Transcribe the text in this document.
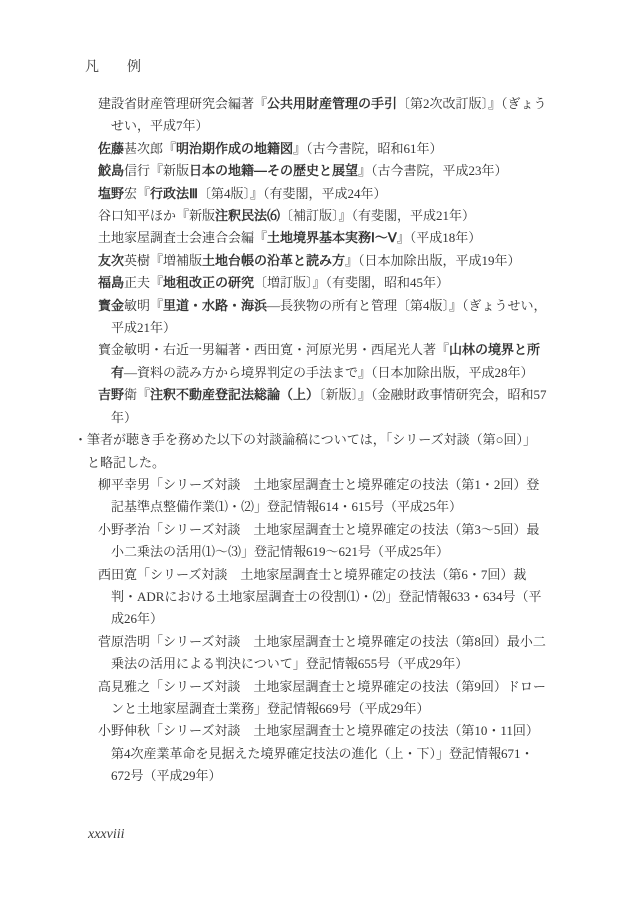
凡　　例

建設省財産管理研究会編著『公共用財産管理の手引〔第2次改訂版〕』（ぎょうせい，平成7年）

佐藤甚次郎『明治期作成の地籍図』（古今書院，昭和61年）

鮫島信行『新版日本の地籍―その歴史と展望』（古今書院，平成23年）

塩野宏『行政法Ⅲ〔第4版〕』（有斐閣，平成24年）

谷口知平ほか『新版注釈民法⑹〔補訂版〕』（有斐閣，平成21年）

土地家屋調査士会連合会編『土地境界基本実務Ⅰ〜Ⅴ』（平成18年）

友次英樹『増補版土地台帳の沿革と読み方』（日本加除出版，平成19年）

福島正夫『地租改正の研究〔増訂版〕』（有斐閣，昭和45年）

寳金敏明『里道・水路・海浜―長狭物の所有と管理〔第4版〕』（ぎょうせい，平成21年）

寳金敏明・右近一男編著・西田寛・河原光男・西尾光人著『山林の境界と所有―資料の読み方から境界判定の手法まで』（日本加除出版，平成28年）

吉野衛『注釈不動産登記法総論（上）〔新版〕』（金融財政事情研究会，昭和57年）

・筆者が聴き手を務めた以下の対談論稿については，「シリーズ対談（第○回）」と略記した。

柳平幸男「シリーズ対談　土地家屋調査士と境界確定の技法（第1・2回）登記基準点整備作業⑴・⑵」登記情報614・615号（平成25年）

小野孝治「シリーズ対談　土地家屋調査士と境界確定の技法（第3〜5回）最小二乗法の活用⑴〜⑶」登記情報619〜621号（平成25年）

西田寛「シリーズ対談　土地家屋調査士と境界確定の技法（第6・7回）裁判・ADRにおける土地家屋調査士の役割⑴・⑵」登記情報633・634号（平成26年）

菅原浩明「シリーズ対談　土地家屋調査士と境界確定の技法（第8回）最小二乗法の活用による判決について」登記情報655号（平成29年）

高見雅之「シリーズ対談　土地家屋調査士と境界確定の技法（第9回）ドローンと土地家屋調査士業務」登記情報669号（平成29年）

小野伸秋「シリーズ対談　土地家屋調査士と境界確定の技法（第10・11回）第4次産業革命を見据えた境界確定技法の進化（上・下）」登記情報671・672号（平成29年）

xxxviii
